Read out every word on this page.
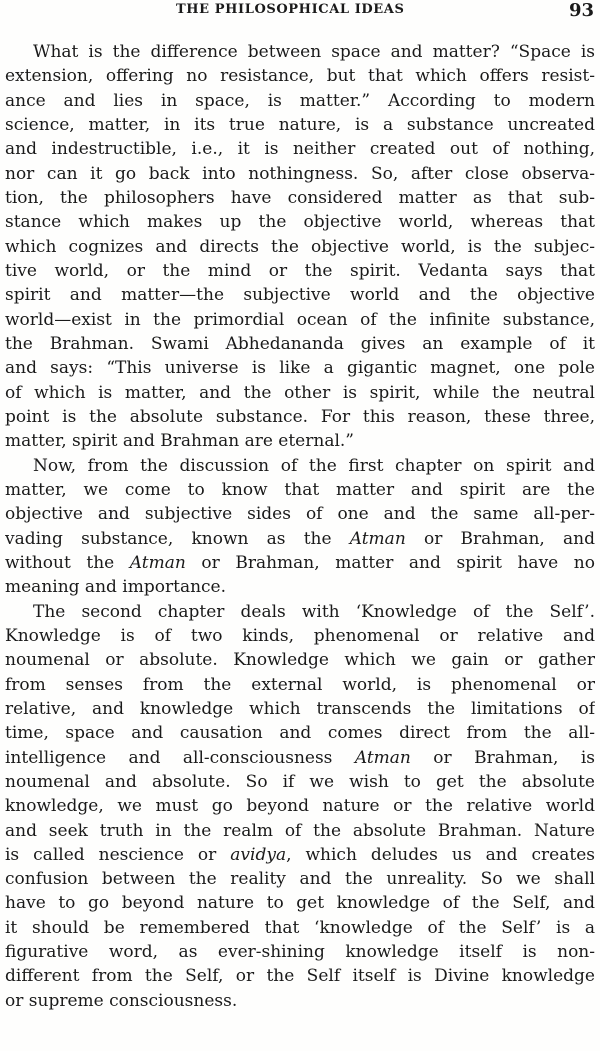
THE PHILOSOPHICAL IDEAS	93
What is the difference between space and matter? “Space is
extension, offering no resistance, but that which offers resist-
ance and lies in space, is matter.” According to modern
science, matter, in its true nature, is a substance uncreated
and indestructible, i.e., it is neither created out of nothing,
nor can it go back into nothingness. So, after close observa-
tion, the philosophers have considered matter as that sub-
stance which makes up the objective world, whereas that
which cognizes and directs the objective world, is the subjec-
tive world, or the mind or the spirit. Vedanta says that
spirit and matter—the subjective world and the objective
world—exist in the primordial ocean of the infinite substance,
the Brahman. Swami Abhedananda gives an example of it
and says: “This universe is like a gigantic magnet, one pole
of which is matter, and the other is spirit, while the neutral
point is the absolute substance. For this reason, these three,
matter, spirit and Brahman are eternal.”
Now, from the discussion of the first chapter on spirit and
matter, we come to know that matter and spirit are the
objective and subjective sides of one and the same all-per-
vading substance, known as the Atman or Brahman, and
without the Atman or Brahman, matter and spirit have no
meaning and importance.
The second chapter deals with ‘Knowledge of the Self’.
Knowledge is of two kinds, phenomenal or relative and
noumenal or absolute. Knowledge which we gain or gather
from senses from the external world, is phenomenal or
relative, and knowledge which transcends the limitations of
time, space and causation and comes direct from the all-
intelligence and all-consciousness Atman or Brahman, is
noumenal and absolute. So if we wish to get the absolute
knowledge, we must go beyond nature or the relative world
and seek truth in the realm of the absolute Brahman. Nature
is called nescience or avidya, which deludes us and creates
confusion between the reality and the unreality. So we shall
have to go beyond nature to get knowledge of the Self, and
it should be remembered that ‘knowledge of the Self’ is a
figurative word, as ever-shining knowledge itself is non-
different from the Self, or the Self itself is Divine knowledge
or supreme consciousness.
